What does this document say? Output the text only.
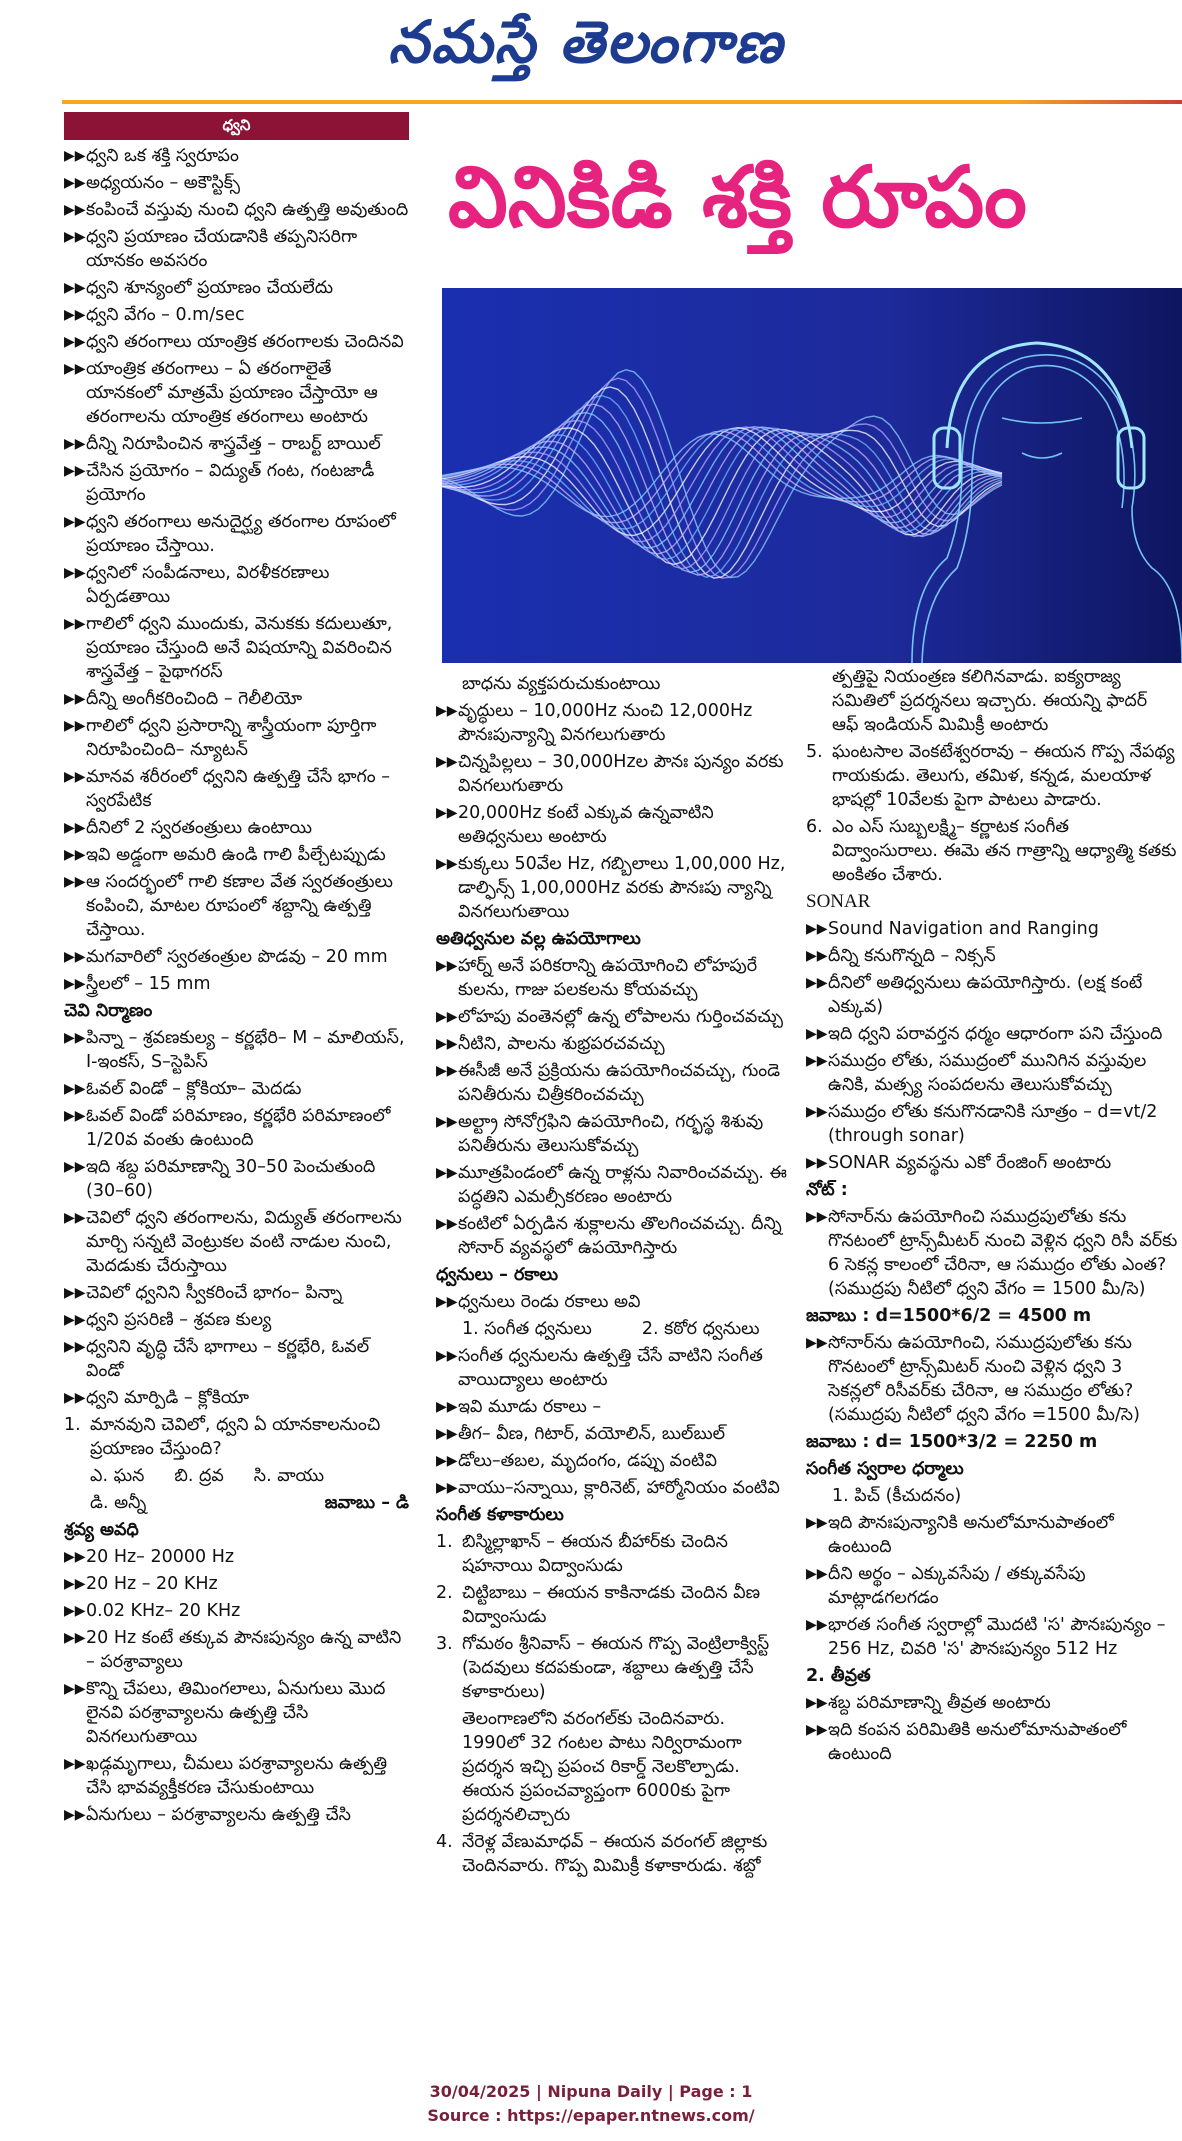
నమస్తే తెలంగాణ
వినికిడి శక్తి రూపం
ధ్వని
▶▶ ధ్వని ఒక శక్తి స్వరూపం
▶▶ అధ్యయనం – అకౌస్టిక్స్
▶▶ కంపించే వస్తువు నుంచి ధ్వని ఉత్పత్తి అవుతుంది
▶▶ ధ్వని ప్రయాణం చేయడానికి తప్పనిసరిగా యానకం అవసరం
▶▶ ధ్వని శూన్యంలో ప్రయాణం చేయలేదు
▶▶ ధ్వని వేగం – 0.m/sec
▶▶ ధ్వని తరంగాలు యాంత్రిక తరంగాలకు చెందినవి
▶▶ యాంత్రిక తరంగాలు – ఏ తరంగాలైతే యానకంలో మాత్రమే ప్రయాణం చేస్తాయో ఆ తరంగాలను యాంత్రిక తరంగాలు అంటారు
▶▶ దీన్ని నిరూపించిన శాస్త్రవేత్త – రాబర్ట్ బాయిల్
▶▶ చేసిన ప్రయోగం – విద్యుత్ గంట, గంటజాడీ ప్రయోగం
▶▶ ధ్వని తరంగాలు అనుదైర్ఘ్య తరంగాల రూపంలో ప్రయాణం చేస్తాయి.
▶▶ ధ్వనిలో సంపీడనాలు, విరళీకరణాలు ఏర్పడతాయి
▶▶ గాలిలో ధ్వని ముందుకు, వెనుకకు కదులుతూ, ప్రయాణం చేస్తుంది అనే విషయాన్ని వివరించిన శాస్త్రవేత్త – పైథాగరస్
▶▶ దీన్ని అంగీకరించింది – గెలీలియో
▶▶ గాలిలో ధ్వని ప్రసారాన్ని శాస్త్రీయంగా పూర్తిగా నిరూపించింది– న్యూటన్
▶▶ మానవ శరీరంలో ధ్వనిని ఉత్పత్తి చేసే భాగం – స్వరపేటిక
▶▶ దీనిలో 2 స్వరతంత్రులు ఉంటాయి
▶▶ ఇవి అడ్డంగా అమరి ఉండి గాలి పీల్చేటప్పుడు
▶▶ ఆ సందర్భంలో గాలి కణాల వేత స్వరతంత్రులు కంపించి, మాటల రూపంలో శబ్దాన్ని ఉత్పత్తి చేస్తాయి.
▶▶ మగవారిలో స్వరతంత్రుల పొడవు – 20 mm
▶▶ స్త్రీలలో – 15 mm
చెవి నిర్మాణం
▶▶ పిన్నా – శ్రవణకుల్య – కర్ణభేరి– M – మాలియస్, I-ఇంకస్, S–స్టెపిస్
▶▶ ఓవల్ విండో – క్లోకియా– మెదడు
▶▶ ఓవల్ విండో పరిమాణం, కర్ణభేరి పరిమాణంలో 1/20వ వంతు ఉంటుంది
▶▶ ఇది శబ్ద పరిమాణాన్ని 30–50 పెంచుతుంది (30–60)
▶▶ చెవిలో ధ్వని తరంగాలను, విద్యుత్ తరంగాలను మార్చి సన్నటి వెంట్రుకల వంటి నాడుల నుంచి, మెదడుకు చేరుస్తాయి
▶▶ చెవిలో ధ్వనిని స్వీకరించే భాగం– పిన్నా
▶▶ ధ్వని ప్రసరిణి – శ్రవణ కుల్య
▶▶ ధ్వనిని వృద్ధి చేసే భాగాలు – కర్ణభేరి, ఓవల్ విండో
▶▶ ధ్వని మార్పిడి – క్లోకియా
1. మానవుని చెవిలో, ధ్వని ఏ యానకాలనుంచి ప్రయాణం చేస్తుంది?
ఎ. ఘన బి. ద్రవ సి. వాయు
డి. అన్నీ	జవాబు – డి
శ్రవ్య అవధి
▶▶ 20 Hz– 20000 Hz
▶▶ 20 Hz – 20 KHz
▶▶ 0.02 KHz– 20 KHz
▶▶ 20 Hz కంటే తక్కువ పౌనఃపున్యం ఉన్న వాటిని – పరశ్రావ్యాలు
▶▶ కొన్ని చేపలు, తిమింగలాలు, ఏనుగులు మొద లైనవి పరశ్రావ్యాలను ఉత్పత్తి చేసి వినగలుగుతాయి
▶▶ ఖడ్గమృగాలు, చీమలు పరశ్రావ్యాలను ఉత్పత్తి చేసి భావవ్యక్తీకరణ చేసుకుంటాయి
▶▶ ఏనుగులు – పరశ్రావ్యాలను ఉత్పత్తి చేసి
బాధను వ్యక్తపరుచుకుంటాయి
▶▶ వృద్ధులు – 10,000Hz నుంచి 12,000Hz పౌనఃపున్యాన్ని వినగలుగుతారు
▶▶ చిన్నపిల్లలు – 30,000Hzల పౌనః పున్యం వరకు వినగలుగుతారు
▶▶ 20,000Hz కంటే ఎక్కువ ఉన్నవాటిని అతిధ్వనులు అంటారు
▶▶ కుక్కలు 50వేల Hz, గబ్బిలాలు 1,00,000 Hz, డాల్ఫిన్స్ 1,00,000Hz వరకు పౌనఃపు న్యాన్ని వినగలుగుతాయి
అతిధ్వనుల వల్ల ఉపయోగాలు
▶▶ హార్న్ అనే పరికరాన్ని ఉపయోగించి లోహపురే కులను, గాజు పలకలను కోయవచ్చు
▶▶ లోహపు వంతెనల్లో ఉన్న లోపాలను గుర్తించవచ్చు
▶▶ నీటిని, పాలను శుభ్రపరచవచ్చు
▶▶ ఈసీజీ అనే ప్రక్రియను ఉపయోగించవచ్చు, గుండె పనితీరును చిత్రీకరించవచ్చు
▶▶ అల్ట్రా సోనోగ్రఫిని ఉపయోగించి, గర్భస్థ శిశువు పనితీరును తెలుసుకోవచ్చు
▶▶ మూత్రపిండంలో ఉన్న రాళ్లను నివారించవచ్చు. ఈ పద్ధతిని ఎమల్సీకరణం అంటారు
▶▶ కంటిలో ఏర్పడిన శుక్లాలను తొలగించవచ్చు. దీన్ని సోనార్ వ్యవస్థలో ఉపయోగిస్తారు
ధ్వనులు – రకాలు
▶▶ ధ్వనులు రెండు రకాలు అవి
1. సంగీత ధ్వనులు	2. కఠోర ధ్వనులు
▶▶ సంగీత ధ్వనులను ఉత్పత్తి చేసే వాటిని సంగీత వాయిద్యాలు అంటారు
▶▶ ఇవి మూడు రకాలు –
▶▶ తీగ– వీణ, గిటార్, వయోలిన్, బుల్‌బుల్
▶▶ డోలు–తబల, మృదంగం, డప్పు వంటివి
▶▶ వాయు–సన్నాయి, క్లారినెట్, హార్మోనియం వంటివి
సంగీత కళాకారులు
1. బిస్మిల్లాఖాన్ – ఈయన బీహార్‌కు చెందిన షహనాయి విద్వాంసుడు
2. చిట్టిబాబు – ఈయన కాకినాడకు చెందిన వీణ విద్వాంసుడు
3. గోమఠం శ్రీనివాస్ – ఈయన గొప్ప వెంట్రిలాక్విస్ట్ (పెదవులు కదపకుండా, శబ్దాలు ఉత్పత్తి చేసే కళాకారులు)
తెలంగాణలోని వరంగల్‌కు చెందినవారు. 1990లో 32 గంటల పాటు నిర్విరామంగా ప్రదర్శన ఇచ్చి ప్రపంచ రికార్డ్ నెలకొల్పాడు. ఈయన ప్రపంచవ్యాప్తంగా 6000కు పైగా ప్రదర్శనలిచ్చారు
4. నేరెళ్ల వేణుమాధవ్ – ఈయన వరంగల్ జిల్లాకు చెందినవారు. గొప్ప మిమిక్రీ కళాకారుడు. శబ్దో
త్పత్తిపై నియంత్రణ కలిగినవాడు. ఐక్యరాజ్య సమితిలో ప్రదర్శనలు ఇచ్చారు. ఈయన్ని ఫాదర్ ఆఫ్ ఇండియన్ మిమిక్రీ అంటారు
5. ఘంటసాల వెంకటేశ్వరరావు – ఈయన గొప్ప నేపథ్య గాయకుడు. తెలుగు, తమిళ, కన్నడ, మలయాళ భాషల్లో 10వేలకు పైగా పాటలు పాడారు.
6. ఎం ఎస్ సుబ్బలక్ష్మి– కర్ణాటక సంగీత విద్వాంసురాలు. ఈమె తన గాత్రాన్ని ఆధ్యాత్మి కతకు అంకితం చేశారు.
SONAR
▶▶ Sound Navigation and Ranging
▶▶ దీన్ని కనుగొన్నది – నిక్సన్
▶▶ దీనిలో అతిధ్వనులు ఉపయోగిస్తారు. (లక్ష కంటే ఎక్కువ)
▶▶ ఇది ధ్వని పరావర్తన ధర్మం ఆధారంగా పని చేస్తుంది
▶▶ సముద్రం లోతు, సముద్రంలో మునిగిన వస్తువుల ఉనికి, మత్స్య సంపదలను తెలుసుకోవచ్చు
▶▶ సముద్రం లోతు కనుగొనడానికి సూత్రం – d=vt/2 (through sonar)
▶▶ SONAR వ్యవస్థను ఎకో రేంజింగ్ అంటారు
నోట్ :
▶▶ సోనార్‌ను ఉపయోగించి సముద్రపులోతు కను గొనటంలో ట్రాన్స్‌మీటర్ నుంచి వెళ్లిన ధ్వని రిసీ వర్‌కు 6 సెకన్ల కాలంలో చేరినా, ఆ సముద్రం లోతు ఎంత? (సముద్రపు నీటిలో ధ్వని వేగం = 1500 మీ/సె)
జవాబు : d=1500*6/2 = 4500 m
▶▶ సోనార్‌ను ఉపయోగించి, సముద్రపులోతు కను గొనటంలో ట్రాన్స్‌మిటర్ నుంచి వెళ్లిన ధ్వని 3 సెకన్లలో రిసీవర్‌కు చేరినా, ఆ సముద్రం లోతు? (సముద్రపు నీటిలో ధ్వని వేగం =1500 మీ/సె)
జవాబు : d= 1500*3/2 = 2250 m
సంగీత స్వరాల ధర్మాలు
1. పిచ్ (కీచుదనం)
▶▶ ఇది పౌనఃపున్యానికి అనులోమానుపాతంలో ఉంటుంది
▶▶ దీని అర్థం – ఎక్కువసేపు / తక్కువసేపు మాట్లాడగలగడం
▶▶ భారత సంగీత స్వరాల్లో మొదటి 'స' పౌనఃపున్యం – 256 Hz, చివరి 'స' పౌనఃపున్యం 512 Hz
2. తీవ్రత
▶▶ శబ్ద పరిమాణాన్ని తీవ్రత అంటారు
▶▶ ఇది కంపన పరిమితికి అనులోమానుపాతంలో ఉంటుంది
30/04/2025 | Nipuna Daily | Page : 1
Source : https://epaper.ntnews.com/
